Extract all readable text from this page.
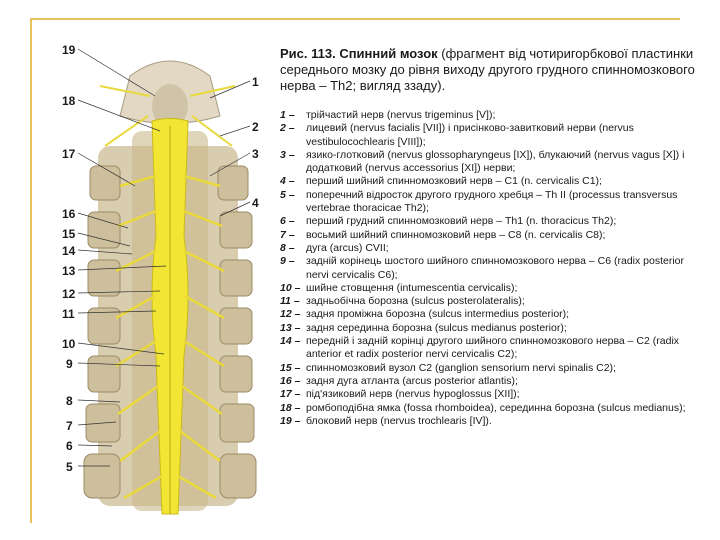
19
18
17
16
15
14
13
12
11
10
9
8
7
6
5
1
2
3
4
Рис. 113. Спинний мозок (фрагмент від чотиригорбкової пластинки середнього мозку до рівня виходу другого грудного спинномозкового нерва – Th2; вигляд ззаду).
1 – трійчастий нерв (nervus trigeminus [V]);
2 – лицевий (nervus facialis [VII]) і присінково-завитковий нерви (nervus vestibulocochlearis [VIII]);
3 – язико-глотковий (nervus glossopharyngeus [IX]), блукаючий (nervus vagus [X]) і додатковий (nervus accessorius [XI]) нерви;
4 – перший шийний спинномозковий нерв – C1 (n. cervicalis C1);
5 – поперечний відросток другого грудного хребця – Th II (processus transversus vertebrae thoracicae Th2);
6 – перший грудний спинномозковий нерв – Th1 (n. thoracicus Th2);
7 – восьмий шийний спинномозковий нерв – C8 (n. cervicalis C8);
8 – дуга (arcus) CVII;
9 – задній корінець шостого шийного спинномозкового нерва – C6 (radix posterior nervi cervicalis C6);
10 – шийне стовщення (intumescentia cervicalis);
11 – задньобічна борозна (sulcus posterolateralis);
12 – задня проміжна борозна (sulcus intermedius posterior);
13 – задня серединна борозна (sulcus medianus posterior);
14 – передній і задній корінці другого шийного спинномозкового нерва – C2 (radix anterior et radix posterior nervi cervicalis C2);
15 – спинномозковий вузол C2 (ganglion sensorium nervi spinalis C2);
16 – задня дуга атланта (arcus posterior atlantis);
17 – під'язиковий нерв (nervus hypoglossus [XII]);
18 – ромбоподібна ямка (fossa rhomboidea), серединна борозна (sulcus medianus);
19 – блоковий нерв (nervus trochlearis [IV]).
